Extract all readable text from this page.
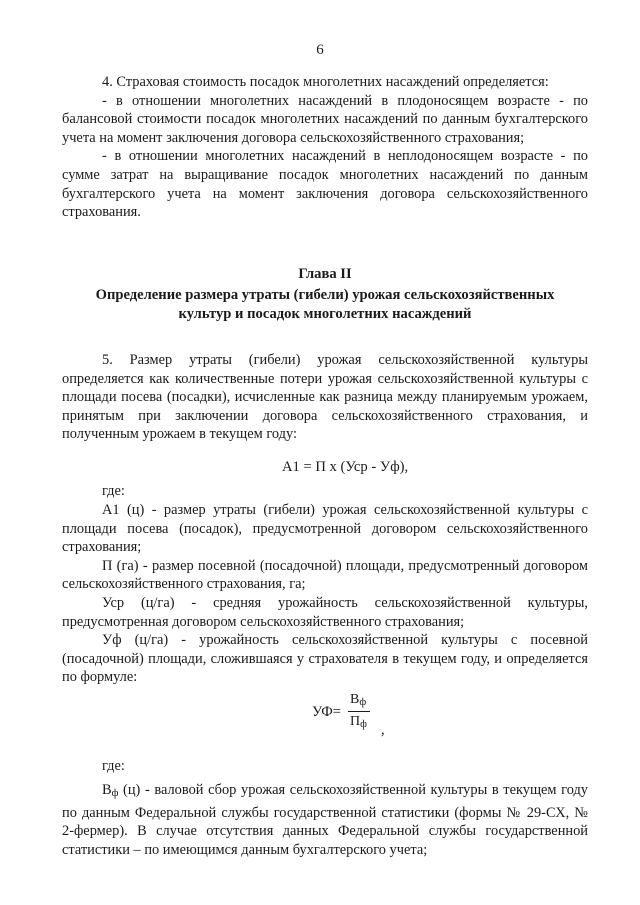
6

4. Страховая стоимость посадок многолетних насаждений определяется:

- в отношении многолетних насаждений в плодоносящем возрасте - по балансовой стоимости посадок многолетних насаждений по данным бухгалтерского учета на момент заключения договора сельскохозяйственного страхования;

- в отношении многолетних насаждений в неплодоносящем возрасте - по сумме затрат на выращивание посадок многолетних насаждений по данным бухгалтерского учета на момент заключения договора сельскохозяйственного страхования.

Глава II

Определение размера утраты (гибели) урожая сельскохозяйственных

культур и посадок многолетних насаждений

5. Размер утраты (гибели) урожая сельскохозяйственной культуры определяется как количественные потери урожая сельскохозяйственной культуры с площади посева (посадки), исчисленные как разница между планируемым урожаем, принятым при заключении договора сельскохозяйственного страхования, и полученным урожаем в текущем году:

А1 = П х (Уср - Уф),

где:

А1 (ц) - размер утраты (гибели) урожая сельскохозяйственной культуры с площади посева (посадок), предусмотренной договором сельскохозяйственного страхования;

П (га) - размер посевной (посадочной) площади, предусмотренный договором сельскохозяйственного страхования, га;

Уср (ц/га) - средняя урожайность сельскохозяйственной культуры, предусмотренная договором сельскохозяйственного страхования;

Уф (ц/га) - урожайность сельскохозяйственной культуры с посевной (посадочной) площади, сложившаяся у страхователя в текущем году, и определяется по формуле:

УФ=
Вф
Пф ,

где:

Вф (ц) - валовой сбор урожая сельскохозяйственной культуры в текущем году по данным Федеральной службы государственной статистики (формы № 29-СХ, № 2-фермер). В случае отсутствия данных Федеральной службы государственной статистики – по имеющимся данным бухгалтерского учета;
